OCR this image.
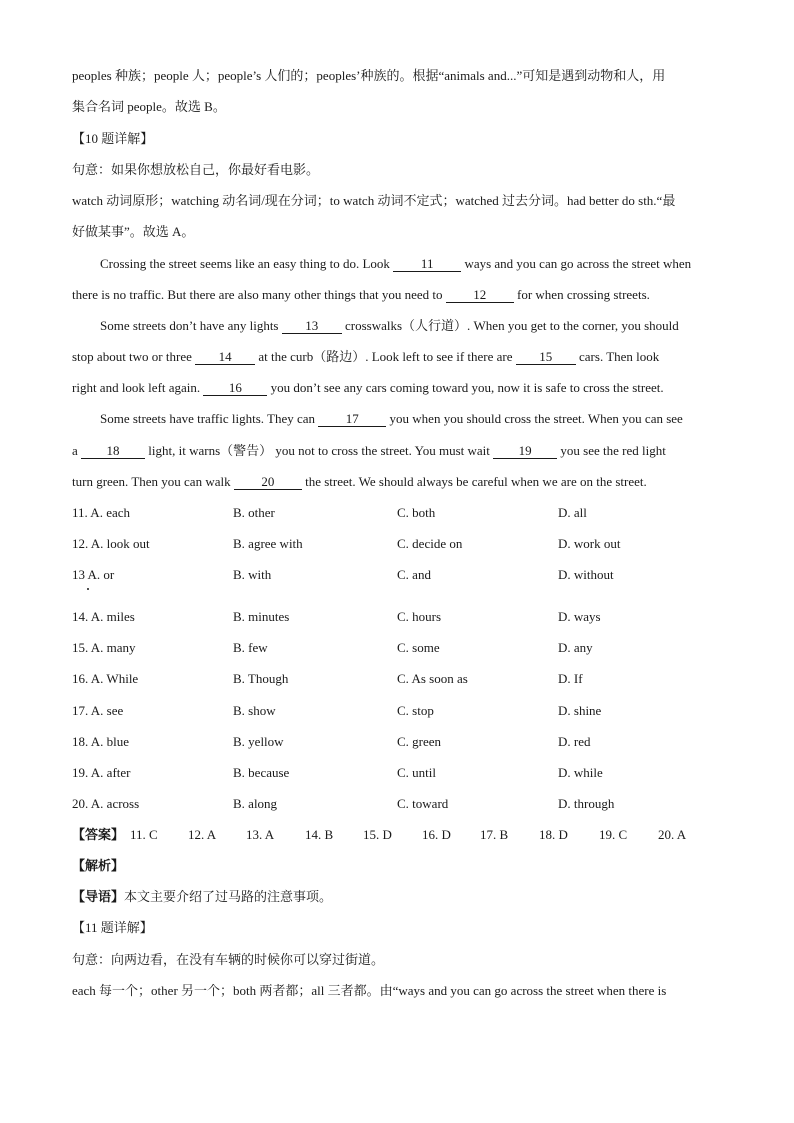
peoples 种族；people 人；people’s 人们的；peoples’种族的。根据“animals and...”可知是遇到动物和人，用
集合名词 people。故选 B。
【10 题详解】
句意：如果你想放松自己，你最好看电影。
watch 动词原形；watching 动名词/现在分词；to watch 动词不定式；watched 过去分词。had better do sth.“最
好做某事”。故选 A。
Crossing the street seems like an easy thing to do. Look 11 ways and you can go across the street when
there is no traffic. But there are also many other things that you need to 12 for when crossing streets.
Some streets don’t have any lights 13 crosswalks（人行道）. When you get to the corner, you should
stop about two or three 14 at the curb（路边）. Look left to see if there are 15 cars. Then look
right and look left again. 16 you don’t see any cars coming toward you, now it is safe to cross the street.
Some streets have traffic lights. They can 17 you when you should cross the street. When you can see
a 18 light, it warns（警告） you not to cross the street. You must wait 19 you see the red light
turn green. Then you can walk 20 the street. We should always be careful when we are on the street.
11. A. each	B. other	C. both	D. all
12. A. look out	B. agree with	C. decide on	D. work out
13 A. or	B. with	C. and	D. without
14. A. miles	B. minutes	C. hours	D. ways
15. A. many	B. few	C. some	D. any
16. A. While	B. Though	C. As soon as	D. If
17. A. see	B. show	C. stop	D. shine
18. A. blue	B. yellow	C. green	D. red
19. A. after	B. because	C. until	D. while
20. A. across	B. along	C. toward	D. through
【答案】 11. C 12. A 13. A 14. B 15. D 16. D 17. B 18. D 19. C 20. A
【解析】
【导语】本文主要介绍了过马路的注意事项。
【11 题详解】
句意：向两边看，在没有车辆的时候你可以穿过街道。
each 每一个；other 另一个；both 两者都；all 三者都。由“ways and you can go across the street when there is
